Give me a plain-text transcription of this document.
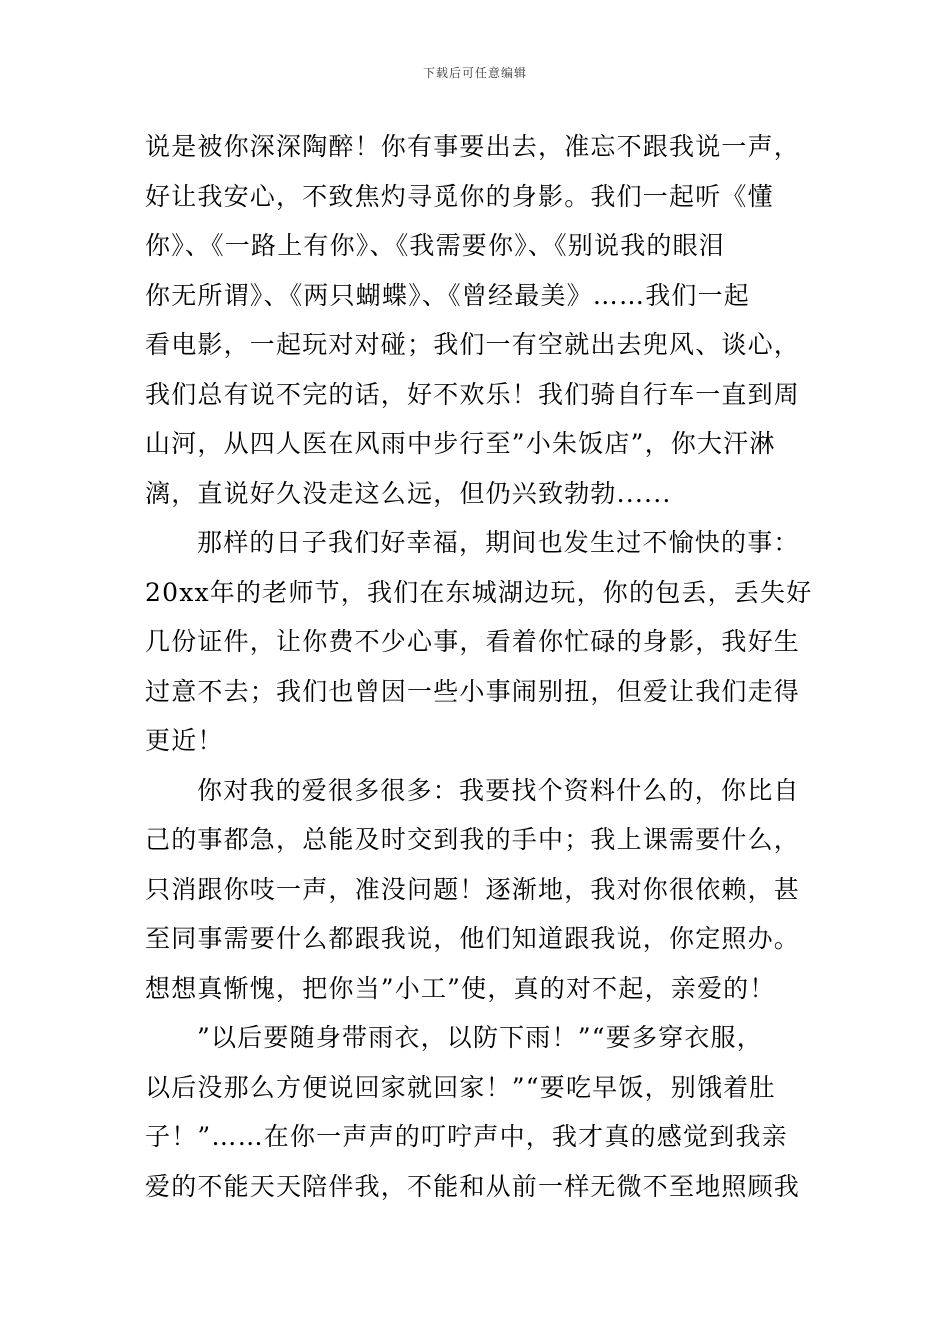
下载后可任意编辑
说是被你深深陶醉！你有事要出去，准忘不跟我说一声，
好让我安心，不致焦灼寻觅你的身影。我们一起听《懂
你》、《一路上有你》、《我需要你》、《别说我的眼泪
你无所谓》、《两只蝴蝶》、《曾经最美》……我们一起
看电影，一起玩对对碰；我们一有空就出去兜风、谈心，
我们总有说不完的话，好不欢乐！我们骑自行车一直到周
山河，从四人医在风雨中步行至”小朱饭店”，你大汗淋
漓，直说好久没走这么远，但仍兴致勃勃......
那样的日子我们好幸福，期间也发生过不愉快的事：
20xx年的老师节，我们在东城湖边玩，你的包丢，丢失好
几份证件，让你费不少心事，看着你忙碌的身影，我好生
过意不去；我们也曾因一些小事闹别扭，但爱让我们走得
更近！
你对我的爱很多很多：我要找个资料什么的，你比自
己的事都急，总能及时交到我的手中；我上课需要什么，
只消跟你吱一声，准没问题！逐渐地，我对你很依赖，甚
至同事需要什么都跟我说，他们知道跟我说，你定照办。
想想真惭愧，把你当”小工”使，真的对不起，亲爱的！
”以后要随身带雨衣，以防下雨！”“要多穿衣服，
以后没那么方便说回家就回家！”“要吃早饭，别饿着肚
子！”……在你一声声的叮咛声中，我才真的感觉到我亲
爱的不能天天陪伴我，不能和从前一样无微不至地照顾我
